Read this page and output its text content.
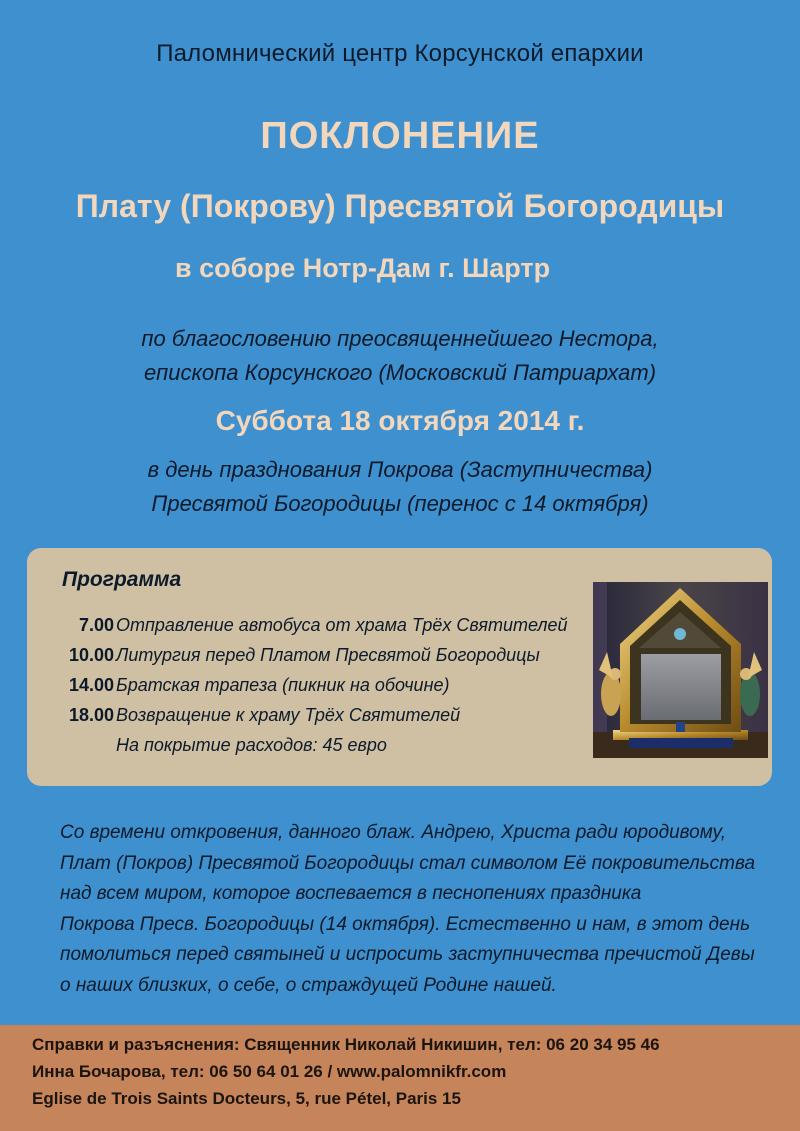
Паломнический центр Корсунской епархии
ПОКЛОНЕНИЕ
Плату (Покрову) Пресвятой Богородицы
в соборе Нотр-Дам г. Шартр
по благословению преосвященнейшего Нестора,
епископа Корсунского (Московский Патриархат)
Суббота 18 октября 2014 г.
в день празднования Покрова (Заступничества)
Пресвятой Богородицы (перенос с 14 октября)
Программа
7.00 Отправление автобуса от храма Трёх Святителей
10.00 Литургия перед Платом Пресвятой Богородицы
14.00 Братская трапеза (пикник на обочине)
18.00 Возвращение к храму Трёх Святителей
На покрытие расходов: 45 евро
Со времени откровения, данного блаж. Андрею, Христа ради юродивому,
Плат (Покров) Пресвятой Богородицы стал символом Её покровительства
над всем миром, которое воспевается в песнопениях праздника
Покрова Пресв. Богородицы (14 октября). Естественно и нам, в этот день
помолиться перед святыней и испросить заступничества пречистой Девы
о наших близких, о себе, о страждущей Родине нашей.
Справки и разъяснения: Священник Николай Никишин, тел: 06 20 34 95 46
Инна Бочарова, тел: 06 50 64 01 26 / www.palomnikfr.com
Eglise de Trois Saints Docteurs, 5, rue Pétel, Paris 15
